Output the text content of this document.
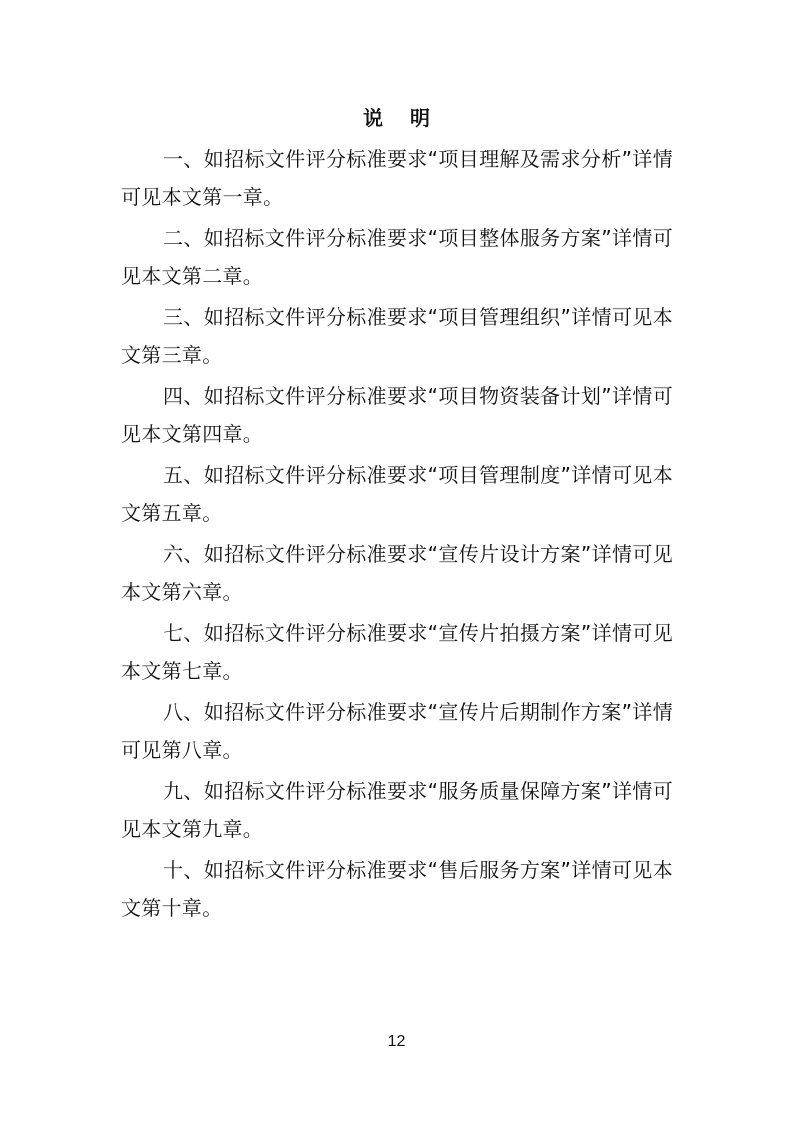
说 明

一、如招标文件评分标准要求“项目理解及需求分析”详情可见本文第一章。

二、如招标文件评分标准要求“项目整体服务方案”详情可见本文第二章。

三、如招标文件评分标准要求“项目管理组织”详情可见本文第三章。

四、如招标文件评分标准要求“项目物资装备计划”详情可见本文第四章。

五、如招标文件评分标准要求“项目管理制度”详情可见本文第五章。

六、如招标文件评分标准要求“宣传片设计方案”详情可见本文第六章。

七、如招标文件评分标准要求“宣传片拍摄方案”详情可见本文第七章。

八、如招标文件评分标准要求“宣传片后期制作方案”详情可见第八章。

九、如招标文件评分标准要求“服务质量保障方案”详情可见本文第九章。

十、如招标文件评分标准要求“售后服务方案”详情可见本文第十章。

12
